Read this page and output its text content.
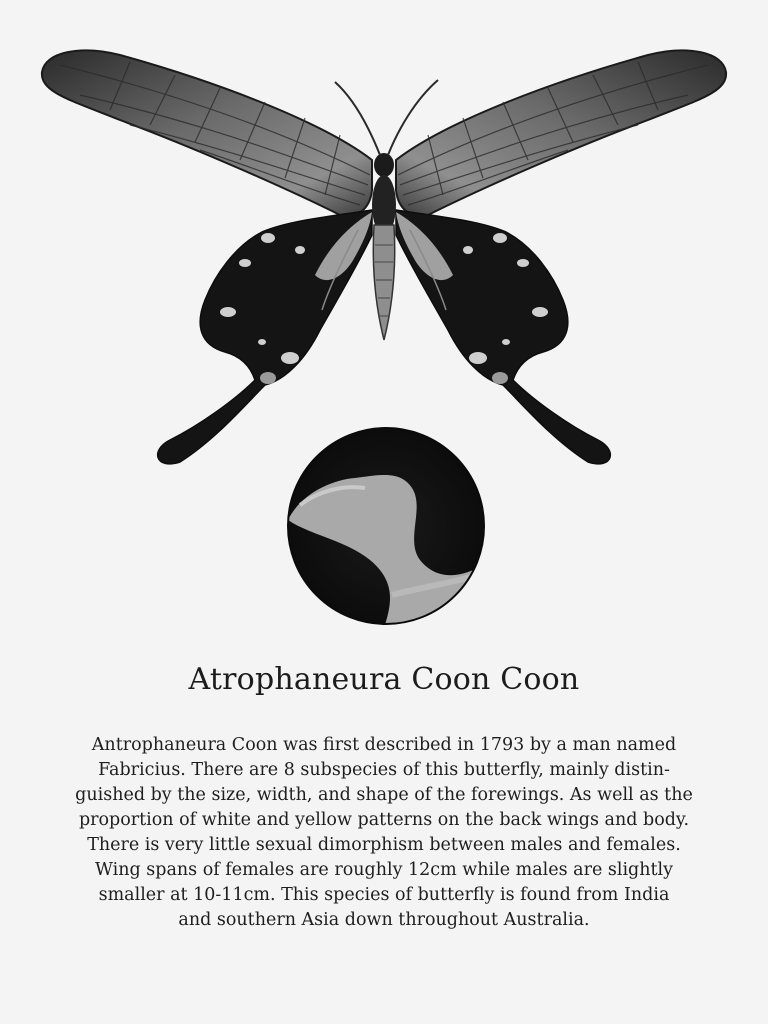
Atrophaneura Coon Coon
Antrophaneura Coon was first described in 1793 by a man named
Fabricius. There are 8 subspecies of this butterfly, mainly distin-
guished by the size, width, and shape of the forewings. As well as the
proportion of white and yellow patterns on the back wings and body.
There is very little sexual dimorphism between males and females.
Wing spans of females are roughly 12cm while males are slightly
smaller at 10-11cm. This species of butterfly is found from India
and southern Asia down throughout Australia.
